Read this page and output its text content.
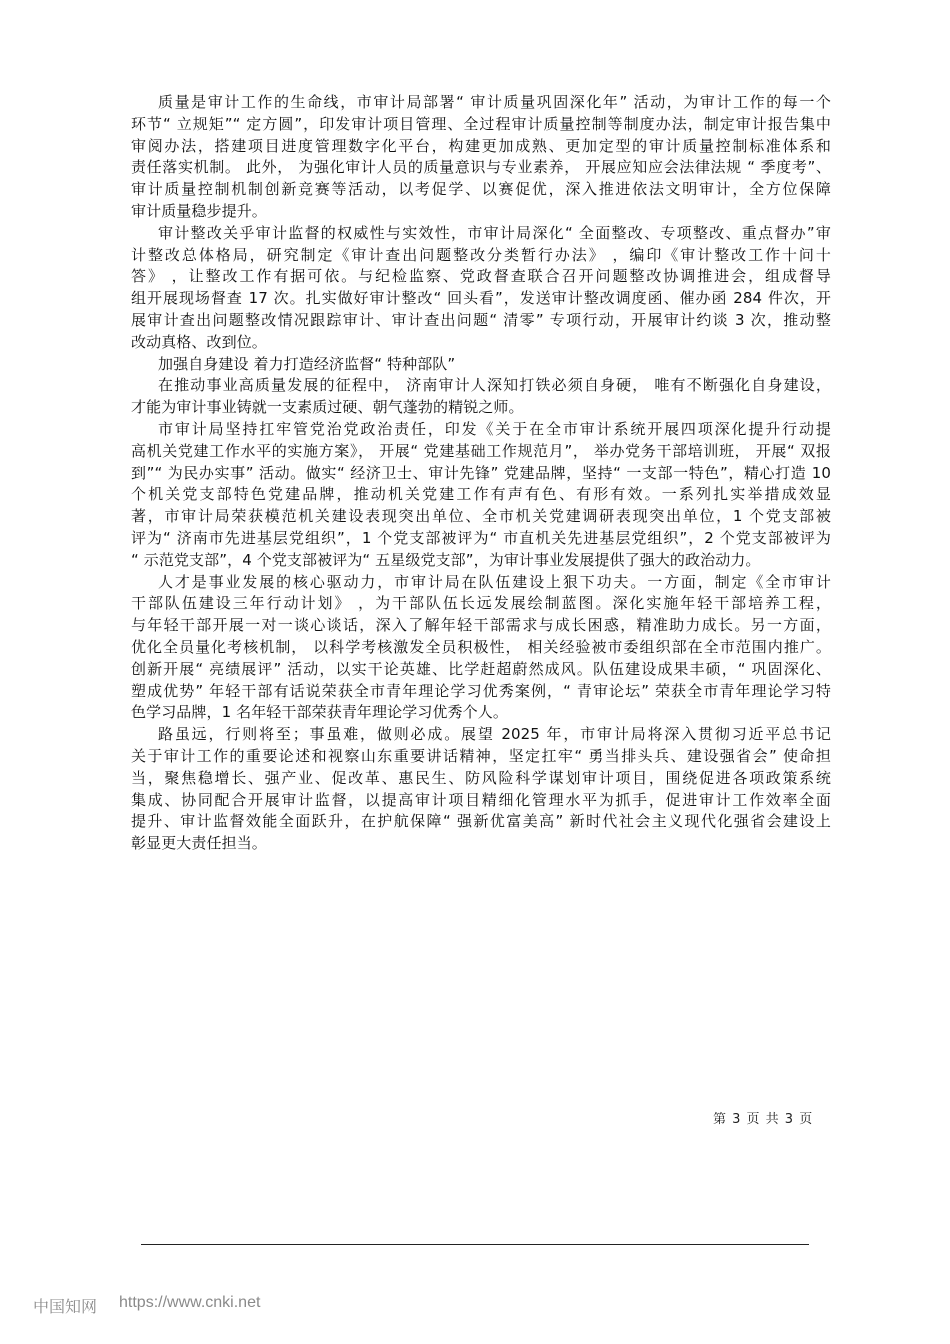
质量是审计工作的生命线，市审计局部署“ 审计质量巩固深化年” 活动，为审计工作的每一个
环节“ 立规矩”“ 定方圆”，印发审计项目管理、全过程审计质量控制等制度办法，制定审计报告集中
审阅办法，搭建项目进度管理数字化平台，构建更加成熟、更加定型的审计质量控制标准体系和
责任落实机制。 此外， 为强化审计人员的质量意识与专业素养， 开展应知应会法律法规 “ 季度考”、
审计质量控制机制创新竞赛等活动，以考促学、以赛促优，深入推进依法文明审计，全方位保障
审计质量稳步提升。
审计整改关乎审计监督的权威性与实效性，市审计局深化“ 全面整改、专项整改、重点督办”审
计整改总体格局，研究制定《审计查出问题整改分类暂行办法》 ，编印《审计整改工作十问十
答》 ，让整改工作有据可依。与纪检监察、党政督查联合召开问题整改协调推进会，组成督导
组开展现场督查 17 次。扎实做好审计整改“ 回头看”，发送审计整改调度函、催办函 284 件次，开
展审计查出问题整改情况跟踪审计、审计查出问题“ 清零” 专项行动，开展审计约谈 3 次，推动整
改动真格、改到位。
加强自身建设 着力打造经济监督“ 特种部队”
在推动事业高质量发展的征程中， 济南审计人深知打铁必须自身硬， 唯有不断强化自身建设，
才能为审计事业铸就一支素质过硬、朝气蓬勃的精锐之师。
市审计局坚持扛牢管党治党政治责任，印发《关于在全市审计系统开展四项深化提升行动提
高机关党建工作水平的实施方案》， 开展“ 党建基础工作规范月”， 举办党务干部培训班， 开展“ 双报
到”“ 为民办实事” 活动。做实“ 经济卫士、审计先锋” 党建品牌，坚持“ 一支部一特色”，精心打造 10
个机关党支部特色党建品牌，推动机关党建工作有声有色、有形有效。一系列扎实举措成效显
著，市审计局荣获模范机关建设表现突出单位、全市机关党建调研表现突出单位，1 个党支部被
评为“ 济南市先进基层党组织”，1 个党支部被评为“ 市直机关先进基层党组织”，2 个党支部被评为
“ 示范党支部”，4 个党支部被评为“ 五星级党支部”，为审计事业发展提供了强大的政治动力。
人才是事业发展的核心驱动力，市审计局在队伍建设上狠下功夫。一方面，制定《全市审计
干部队伍建设三年行动计划》 ，为干部队伍长远发展绘制蓝图。深化实施年轻干部培养工程，
与年轻干部开展一对一谈心谈话，深入了解年轻干部需求与成长困惑，精准助力成长。另一方面，
优化全员量化考核机制， 以科学考核激发全员积极性， 相关经验被市委组织部在全市范围内推广。
创新开展“ 亮绩展评” 活动，以实干论英雄、比学赶超蔚然成风。队伍建设成果丰硕，“ 巩固深化、
塑成优势” 年轻干部有话说荣获全市青年理论学习优秀案例，“ 青审论坛” 荣获全市青年理论学习特
色学习品牌，1 名年轻干部荣获青年理论学习优秀个人。
路虽远，行则将至；事虽难，做则必成。展望 2025 年，市审计局将深入贯彻习近平总书记
关于审计工作的重要论述和视察山东重要讲话精神，坚定扛牢“ 勇当排头兵、建设强省会” 使命担
当，聚焦稳增长、强产业、促改革、惠民生、防风险科学谋划审计项目，围绕促进各项政策系统
集成、协同配合开展审计监督，以提高审计项目精细化管理水平为抓手，促进审计工作效率全面
提升、审计监督效能全面跃升，在护航保障“ 强新优富美高” 新时代社会主义现代化强省会建设上
彰显更大责任担当。
第 3 页 共 3 页
中国知网 https://www.cnki.net
